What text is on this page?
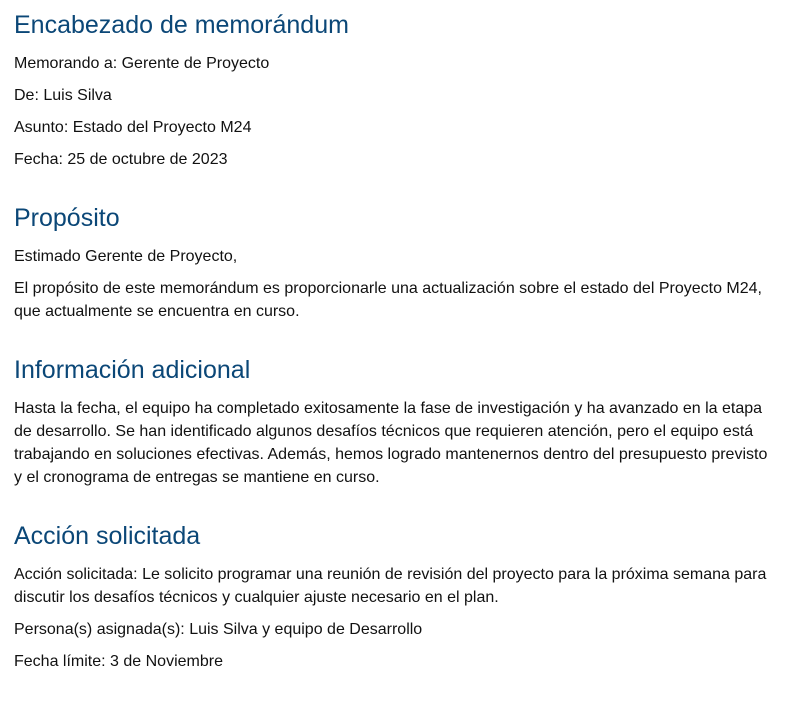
Encabezado de memorándum

Memorando a: Gerente de Proyecto

De: Luis Silva

Asunto: Estado del Proyecto M24

Fecha: 25 de octubre de 2023

Propósito

Estimado Gerente de Proyecto,

El propósito de este memorándum es proporcionarle una actualización sobre el estado del Proyecto M24, que actualmente se encuentra en curso.

Información adicional

Hasta la fecha, el equipo ha completado exitosamente la fase de investigación y ha avanzado en la etapa de desarrollo. Se han identificado algunos desafíos técnicos que requieren atención, pero el equipo está trabajando en soluciones efectivas. Además, hemos logrado mantenernos dentro del presupuesto previsto y el cronograma de entregas se mantiene en curso.

Acción solicitada

Acción solicitada: Le solicito programar una reunión de revisión del proyecto para la próxima semana para discutir los desafíos técnicos y cualquier ajuste necesario en el plan.

Persona(s) asignada(s): Luis Silva y equipo de Desarrollo

Fecha límite: 3 de Noviembre
